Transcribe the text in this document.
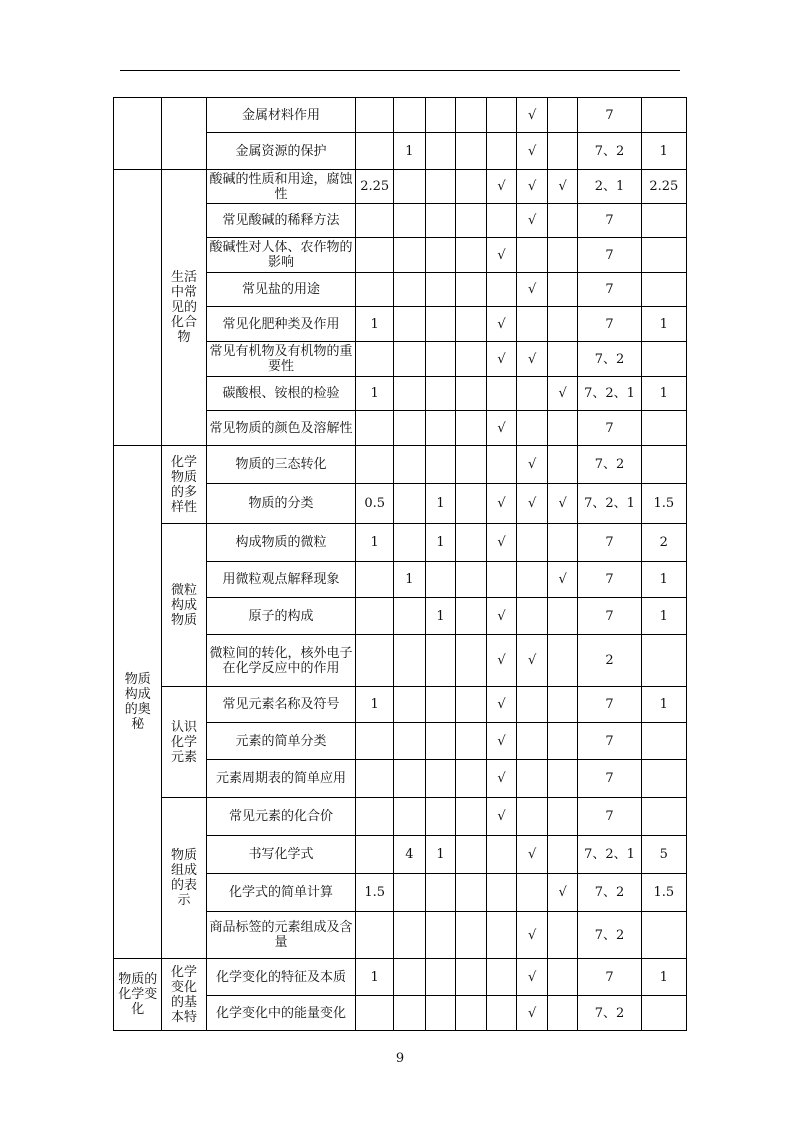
		金属材料作用						√		7	
		金属资源的保护		1				√		7、2	1
	生活中常见的化合物	酸碱的性质和用途，腐蚀性	2.25				√	√	√	2、1	2.25
		常见酸碱的稀释方法						√		7	
		酸碱性对人体、农作物的影响					√			7	
		常见盐的用途						√		7	
		常见化肥种类及作用	1				√			7	1
		常见有机物及有机物的重要性					√	√		7、2	
		碳酸根、铵根的检验	1						√	7、2、1	1
		常见物质的颜色及溶解性					√			7	
物质构成的奥秘	化学物质的多样性	物质的三态转化						√		7、2	
		物质的分类	0.5		1		√	√	√	7、2、1	1.5
	微粒构成物质	构成物质的微粒	1		1		√			7	2
		用微粒观点解释现象		1					√	7	1
		原子的构成			1		√			7	1
		微粒间的转化，核外电子在化学反应中的作用					√	√		2	
	认识化学元素	常见元素名称及符号	1				√			7	1
		元素的简单分类					√			7	
		元素周期表的简单应用					√			7	
	物质组成的表示	常见元素的化合价					√			7	
		书写化学式		4	1			√		7、2、1	5
		化学式的简单计算	1.5						√	7、2	1.5
		商品标签的元素组成及含量						√		7、2	
物质的化学变化	化学变化的基本特	化学变化的特征及本质	1					√		7	1
		化学变化中的能量变化						√		7、2	
9
